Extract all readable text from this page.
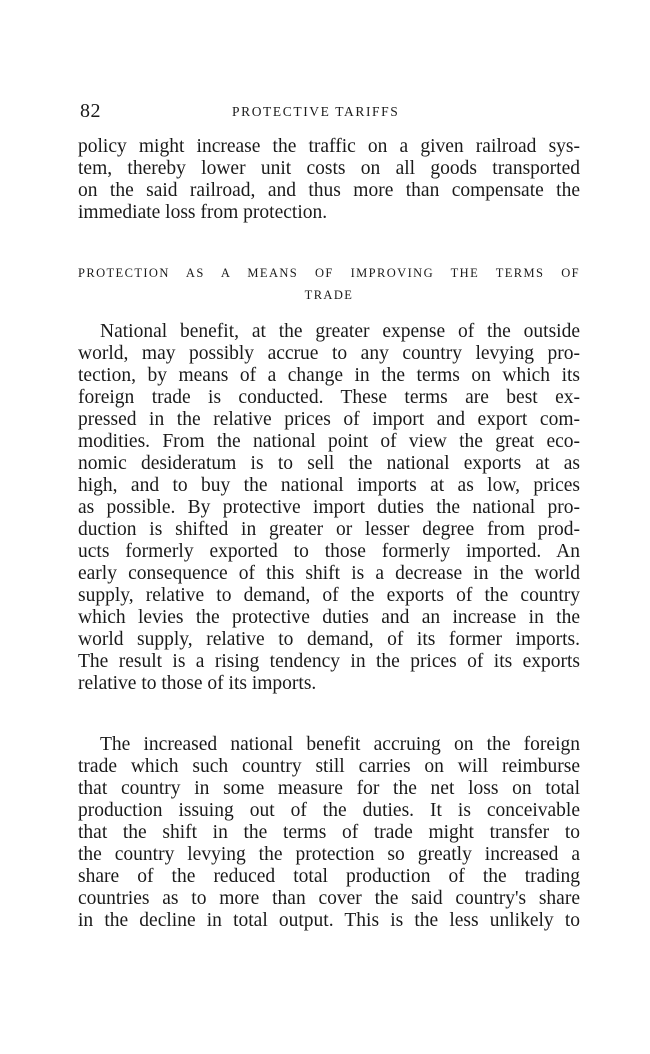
82	PROTECTIVE TARIFFS
policy might increase the traffic on a given railroad sys-
tem, thereby lower unit costs on all goods transported
on the said railroad, and thus more than compensate the
immediate loss from protection.
PROTECTION AS A MEANS OF IMPROVING THE TERMS OF
TRADE
National benefit, at the greater expense of the outside
world, may possibly accrue to any country levying pro-
tection, by means of a change in the terms on which its
foreign trade is conducted. These terms are best ex-
pressed in the relative prices of import and export com-
modities. From the national point of view the great eco-
nomic desideratum is to sell the national exports at as
high, and to buy the national imports at as low, prices
as possible. By protective import duties the national pro-
duction is shifted in greater or lesser degree from prod-
ucts formerly exported to those formerly imported. An
early consequence of this shift is a decrease in the world
supply, relative to demand, of the exports of the country
which levies the protective duties and an increase in the
world supply, relative to demand, of its former imports.
The result is a rising tendency in the prices of its exports
relative to those of its imports.
The increased national benefit accruing on the foreign
trade which such country still carries on will reimburse
that country in some measure for the net loss on total
production issuing out of the duties. It is conceivable
that the shift in the terms of trade might transfer to
the country levying the protection so greatly increased a
share of the reduced total production of the trading
countries as to more than cover the said country's share
in the decline in total output. This is the less unlikely to
